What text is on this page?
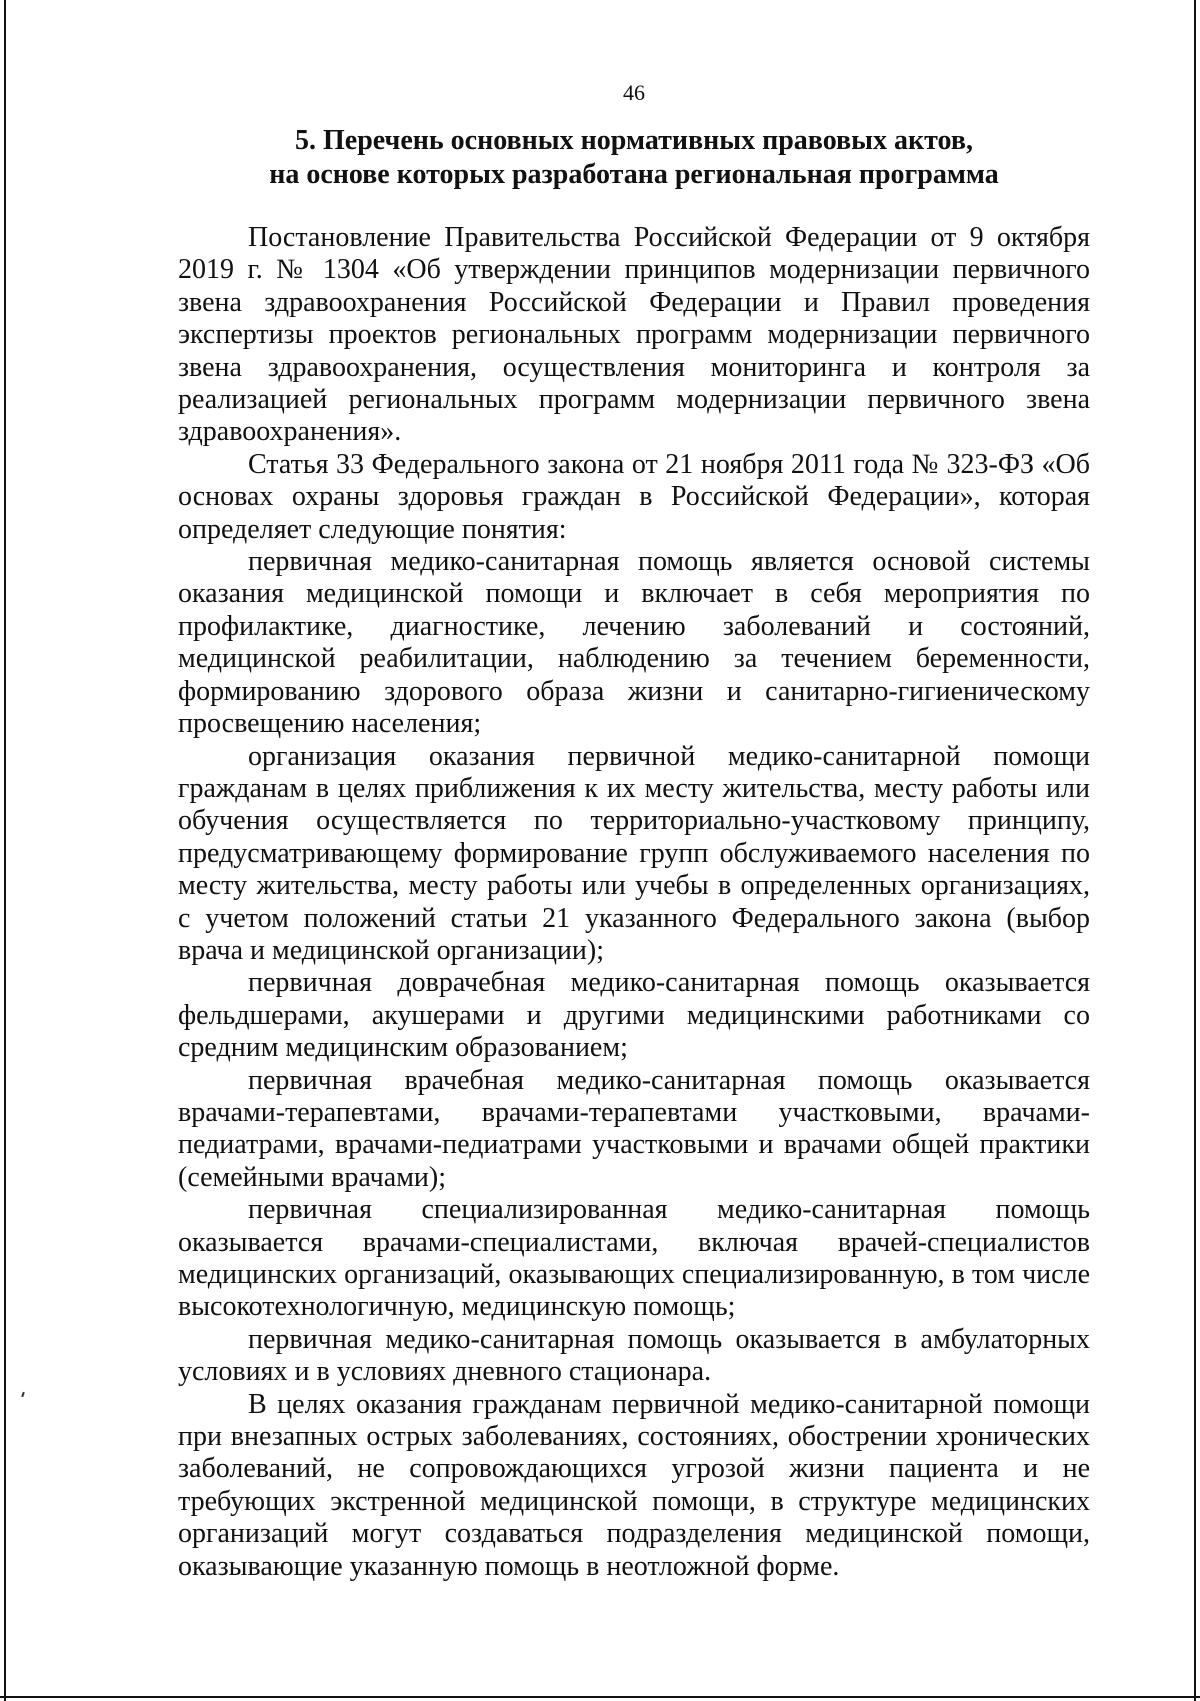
46
5. Перечень основных нормативных правовых актов,
на основе которых разработана региональная программа

Постановление Правительства Российской Федерации от 9 октября 2019 г. № 1304 «Об утверждении принципов модернизации первичного звена здравоохранения Российской Федерации и Правил проведения экспертизы проектов региональных программ модернизации первичного звена здравоохранения, осуществления мониторинга и контроля за реализацией региональных программ модернизации первичного звена здравоохранения».

Статья 33 Федерального закона от 21 ноября 2011 года № 323-ФЗ «Об основах охраны здоровья граждан в Российской Федерации», которая определяет следующие понятия:

первичная медико-санитарная помощь является основой системы оказания медицинской помощи и включает в себя мероприятия по профилактике, диагностике, лечению заболеваний и состояний, медицинской реабилитации, наблюдению за течением беременности, формированию здорового образа жизни и санитарно-гигиеническому просвещению населения;

организация оказания первичной медико-санитарной помощи гражданам в целях приближения к их месту жительства, месту работы или обучения осуществляется по территориально-участковому принципу, предусматривающему формирование групп обслуживаемого населения по месту жительства, месту работы или учебы в определенных организациях, с учетом положений статьи 21 указанного Федерального закона (выбор врача и медицинской организации);

первичная доврачебная медико-санитарная помощь оказывается фельдшерами, акушерами и другими медицинскими работниками со средним медицинским образованием;

первичная врачебная медико-санитарная помощь оказывается врачами-терапевтами, врачами-терапевтами участковыми, врачами-педиатрами, врачами-педиатрами участковыми и врачами общей практики (семейными врачами);

первичная специализированная медико-санитарная помощь оказывается врачами-специалистами, включая врачей-специалистов медицинских организаций, оказывающих специализированную, в том числе высокотехнологичную, медицинскую помощь;

первичная медико-санитарная помощь оказывается в амбулаторных условиях и в условиях дневного стационара.

В целях оказания гражданам первичной медико-санитарной помощи при внезапных острых заболеваниях, состояниях, обострении хронических заболеваний, не сопровождающихся угрозой жизни пациента и не требующих экстренной медицинской помощи, в структуре медицинских организаций могут создаваться подразделения медицинской помощи, оказывающие указанную помощь в неотложной форме.
